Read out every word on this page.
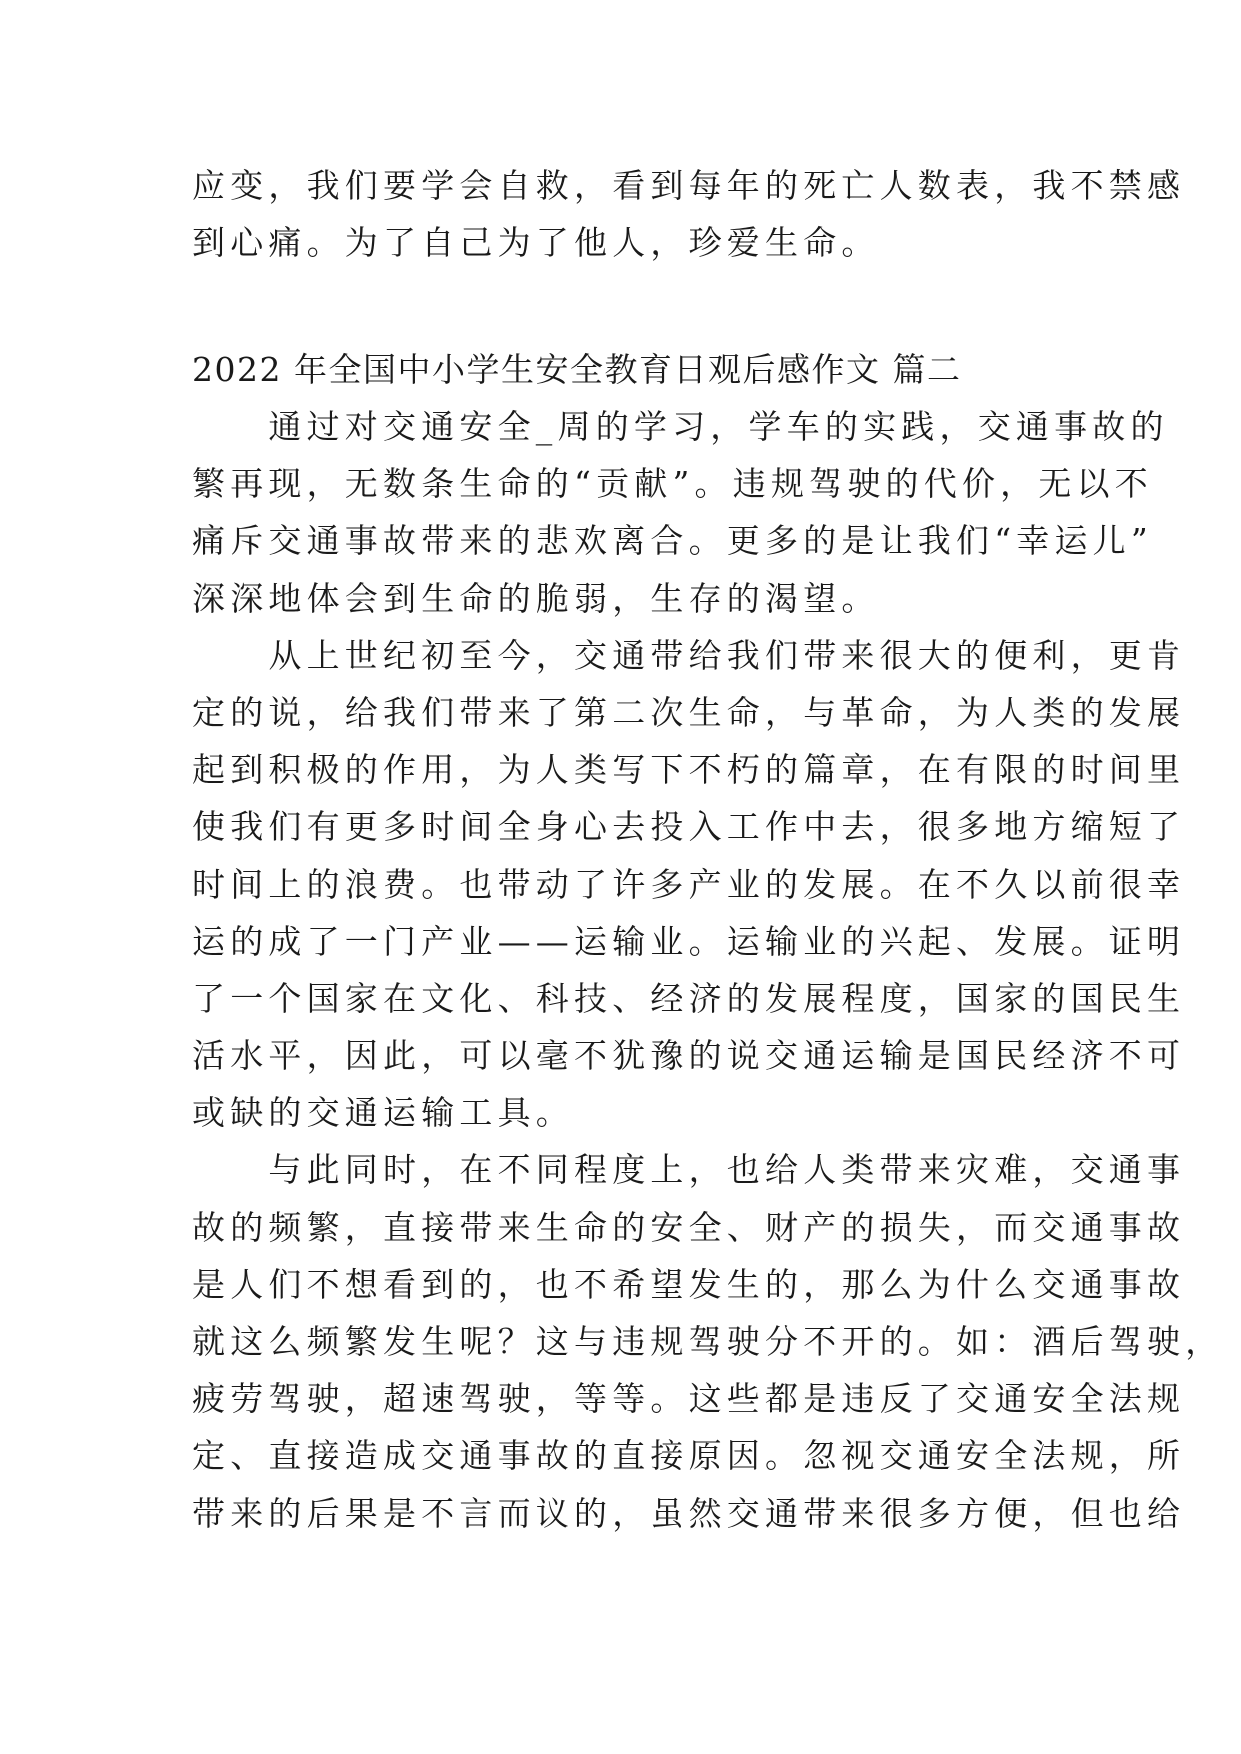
应变，我们要学会自救，看到每年的死亡人数表，我不禁感
到心痛。为了自己为了他人，珍爱生命。
2022 年全国中小学生安全教育日观后感作文 篇二
　　通过对交通安全_周的学习，学车的实践，交通事故的
繁再现，无数条生命的“贡献”。违规驾驶的代价，无以不
痛斥交通事故带来的悲欢离合。更多的是让我们“幸运儿”
深深地体会到生命的脆弱，生存的渴望。
　　从上世纪初至今，交通带给我们带来很大的便利，更肯
定的说，给我们带来了第二次生命，与革命，为人类的发展
起到积极的作用，为人类写下不朽的篇章，在有限的时间里
使我们有更多时间全身心去投入工作中去，很多地方缩短了
时间上的浪费。也带动了许多产业的发展。在不久以前很幸
运的成了一门产业——运输业。运输业的兴起、发展。证明
了一个国家在文化、科技、经济的发展程度，国家的国民生
活水平，因此，可以毫不犹豫的说交通运输是国民经济不可
或缺的交通运输工具。
　　与此同时，在不同程度上，也给人类带来灾难，交通事
故的频繁，直接带来生命的安全、财产的损失，而交通事故
是人们不想看到的，也不希望发生的，那么为什么交通事故
就这么频繁发生呢？这与违规驾驶分不开的。如：酒后驾驶，
疲劳驾驶，超速驾驶，等等。这些都是违反了交通安全法规
定、直接造成交通事故的直接原因。忽视交通安全法规，所
带来的后果是不言而议的，虽然交通带来很多方便，但也给
